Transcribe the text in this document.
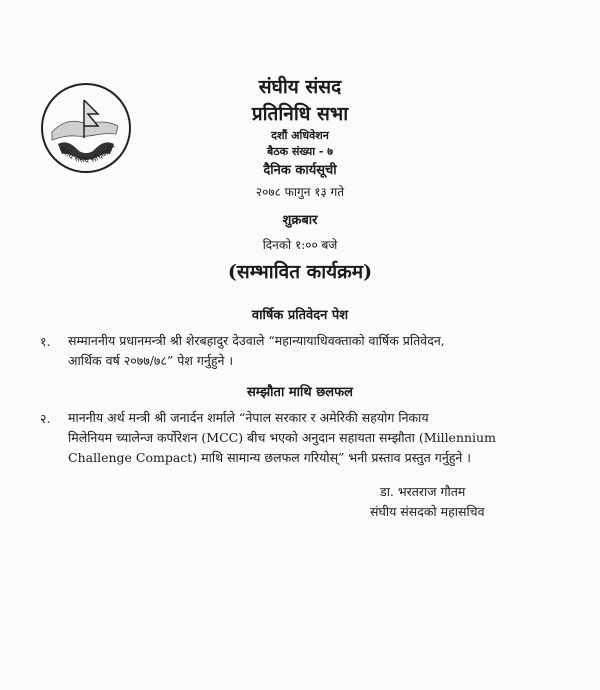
संघीय संसद सचिवालय
संघीय संसद
प्रतिनिधि सभा
दशौं अधिवेशन
बैठक संख्या - ७
दैनिक कार्यसूची
२०७८ फागुन १३ गते
शुक्रबार
दिनको १:०० बजे
(सम्भावित कार्यक्रम)
वार्षिक प्रतिवेदन पेश
१. सम्माननीय प्रधानमन्त्री श्री शेरबहादुर देउवाले “महान्यायाधिवक्ताको वार्षिक प्रतिवेदन,
आर्थिक वर्ष २०७७/७८” पेश गर्नुहुने ।
सम्झौता माथि छलफल
२. माननीय अर्थ मन्त्री श्री जनार्दन शर्माले “नेपाल सरकार र अमेरिकी सहयोग निकाय
मिलेनियम च्यालेन्ज कर्पोरेशन (MCC) बीच भएको अनुदान सहायता सम्झौता (Millennium
Challenge Compact) माथि सामान्य छलफल गरियोस्” भनी प्रस्ताव प्रस्तुत गर्नुहुने ।
डा. भरतराज गौतम
संघीय संसदको महासचिव
